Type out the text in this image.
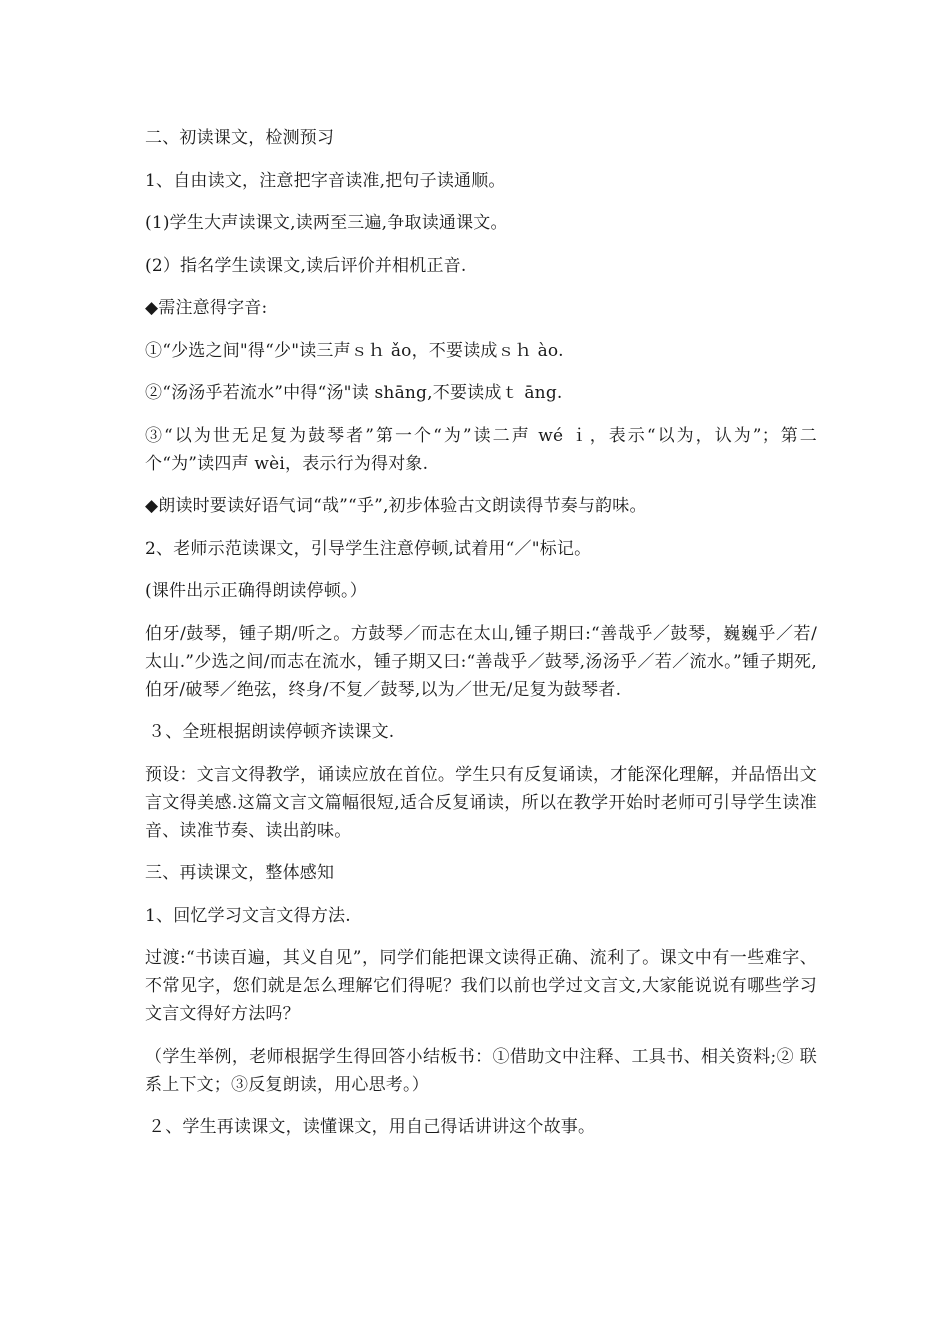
二、初读课文，检测预习

1、自由读文，注意把字音读准,把句子读通顺。

(1)学生大声读课文,读两至三遍,争取读通课文。

(2）指名学生读课文,读后评价并相机正音.

◆需注意得字音:

①“少选之间"得“少"读三声ｓｈ ǎo，不要读成ｓｈ ào.

②“汤汤乎若流水”中得“汤"读 shāng,不要读成ｔ āng.

③“以为世无足复为鼓琴者”第一个“为”读二声 wé ｉ，表示“以为，认为”；第二个“为”读四声 wèi，表示行为得对象.

◆朗读时要读好语气词“哉”“乎”,初步体验古文朗读得节奏与韵味。

2、老师示范读课文，引导学生注意停顿,试着用“／"标记。

(课件出示正确得朗读停顿。）

伯牙/鼓琴，锺子期/听之。方鼓琴／而志在太山,锺子期曰:“善哉乎／鼓琴，巍巍乎／若/太山.”少选之间/而志在流水，锺子期又曰:“善哉乎／鼓琴,汤汤乎／若／流水。”锺子期死,伯牙/破琴／绝弦，终身/不复／鼓琴,以为／世无/足复为鼓琴者.

３、全班根据朗读停顿齐读课文.

预设：文言文得教学，诵读应放在首位。学生只有反复诵读，才能深化理解，并品悟出文言文得美感.这篇文言文篇幅很短,适合反复诵读，所以在教学开始时老师可引导学生读准音、读准节奏、读出韵味。

三、再读课文，整体感知

1、回忆学习文言文得方法.

过渡:“书读百遍，其义自见”，同学们能把课文读得正确、流利了。课文中有一些难字、不常见字，您们就是怎么理解它们得呢？我们以前也学过文言文,大家能说说有哪些学习文言文得好方法吗？

（学生举例，老师根据学生得回答小结板书：①借助文中注释、工具书、相关资料;② 联系上下文；③反复朗读，用心思考。）

２、学生再读课文，读懂课文，用自己得话讲讲这个故事。
